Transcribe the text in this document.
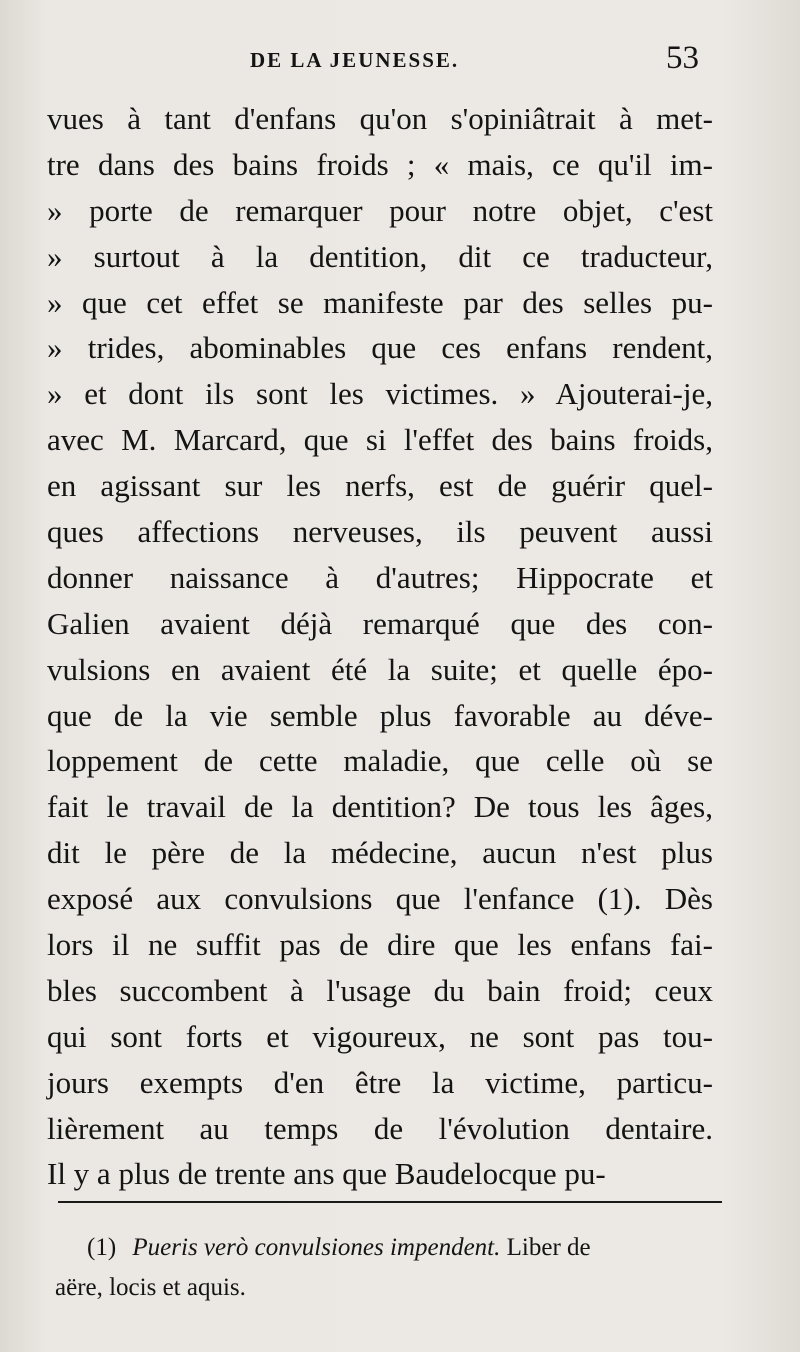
DE LA JEUNESSE.	53
vues à tant d'enfans qu'on s'opiniâtrait à met-
tre dans des bains froids ; « mais, ce qu'il im-
» porte de remarquer pour notre objet, c'est
» surtout à la dentition, dit ce traducteur,
» que cet effet se manifeste par des selles pu-
» trides, abominables que ces enfans rendent,
» et dont ils sont les victimes. » Ajouterai-je,
avec M. Marcard, que si l'effet des bains froids,
en agissant sur les nerfs, est de guérir quel-
ques affections nerveuses, ils peuvent aussi
donner naissance à d'autres; Hippocrate et
Galien avaient déjà remarqué que des con-
vulsions en avaient été la suite; et quelle épo-
que de la vie semble plus favorable au déve-
loppement de cette maladie, que celle où se
fait le travail de la dentition? De tous les âges,
dit le père de la médecine, aucun n'est plus
exposé aux convulsions que l'enfance (1). Dès
lors il ne suffit pas de dire que les enfans fai-
bles succombent à l'usage du bain froid; ceux
qui sont forts et vigoureux, ne sont pas tou-
jours exempts d'en être la victime, particu-
lièrement au temps de l'évolution dentaire.
Il y a plus de trente ans que Baudelocque pu-
(1) Pueris verò convulsiones impendent. Liber de
aëre, locis et aquis.
